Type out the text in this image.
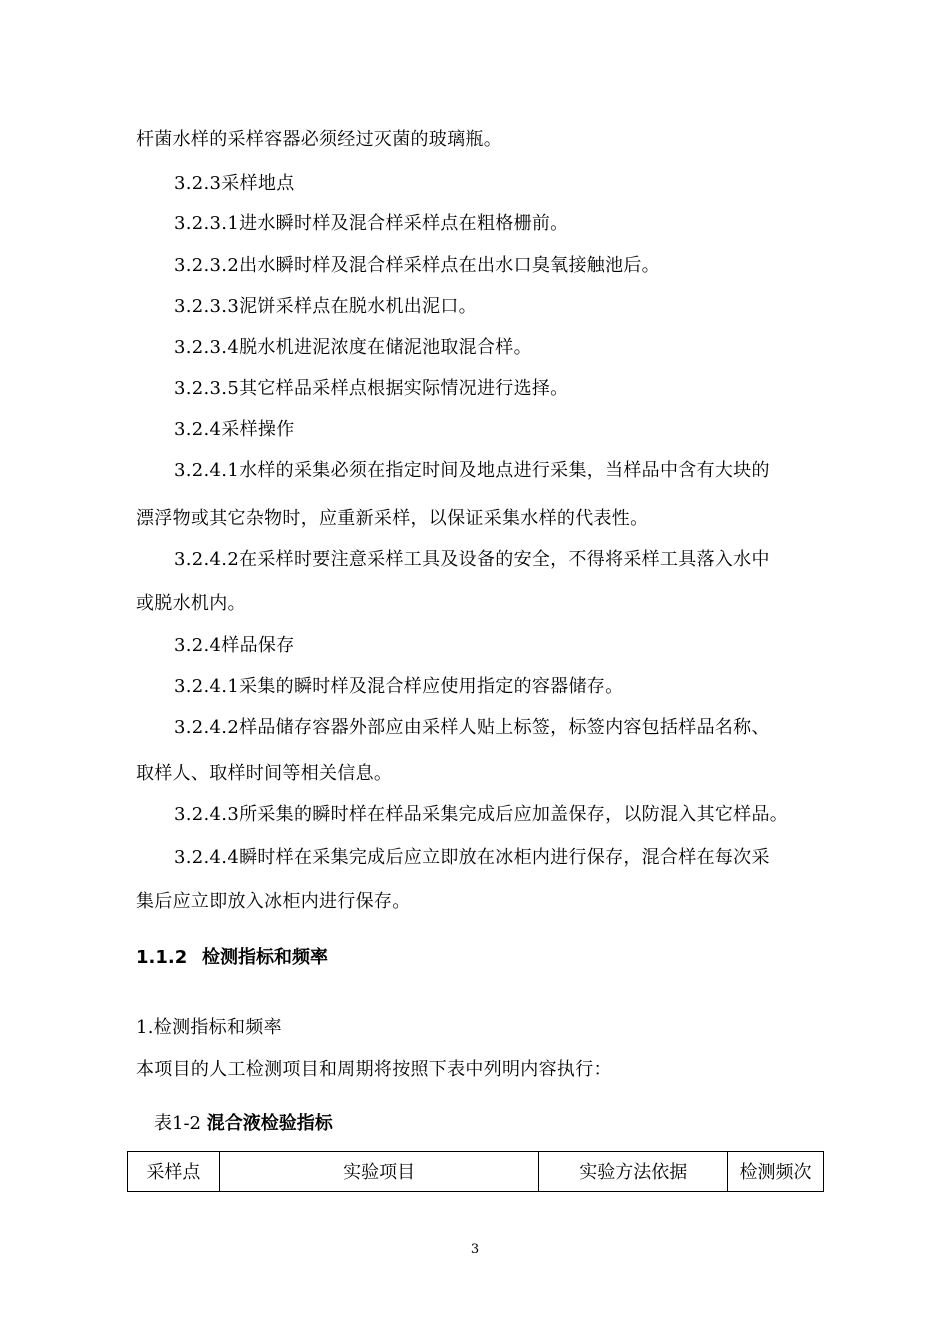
杆菌水样的采样容器必须经过灭菌的玻璃瓶。
3.2.3采样地点
3.2.3.1进水瞬时样及混合样采样点在粗格栅前。
3.2.3.2出水瞬时样及混合样采样点在出水口臭氧接触池后。
3.2.3.3泥饼采样点在脱水机出泥口。
3.2.3.4脱水机进泥浓度在储泥池取混合样。
3.2.3.5其它样品采样点根据实际情况进行选择。
3.2.4采样操作
3.2.4.1水样的采集必须在指定时间及地点进行采集，当样品中含有大块的
漂浮物或其它杂物时，应重新采样，以保证采集水样的代表性。
3.2.4.2在采样时要注意采样工具及设备的安全，不得将采样工具落入水中
或脱水机内。
3.2.4样品保存
3.2.4.1采集的瞬时样及混合样应使用指定的容器储存。
3.2.4.2样品储存容器外部应由采样人贴上标签，标签内容包括样品名称、
取样人、取样时间等相关信息。
3.2.4.3所采集的瞬时样在样品采集完成后应加盖保存，以防混入其它样品。
3.2.4.4瞬时样在采集完成后应立即放在冰柜内进行保存，混合样在每次采
集后应立即放入冰柜内进行保存。
1.1.2 检测指标和频率
1.检测指标和频率
本项目的人工检测项目和周期将按照下表中列明内容执行：
表1-2 混合液检验指标
采样点	实验项目	实验方法依据	检测频次
3
